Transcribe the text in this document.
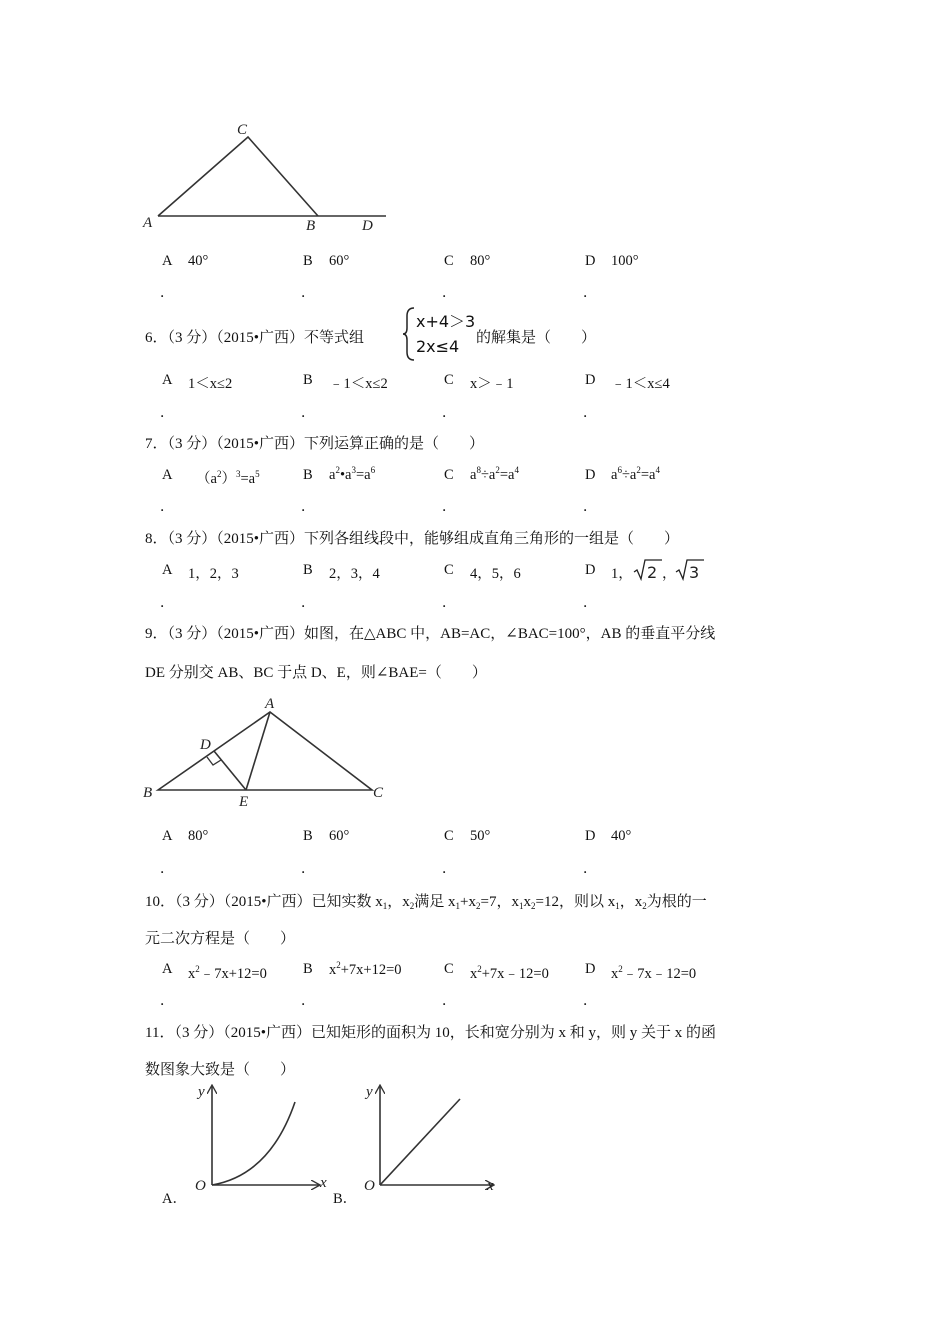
C
A	B	D
A 40°	B 60°	C 80°	D 100°
．	．	．	．
6．（3 分）（2015•广西）不等式组
x+4＞3
2x≤4 的解集是（　　）
A 1＜x≤2	B ﹣1＜x≤2	C x＞﹣1	D ﹣1＜x≤4
．	．	．	．
7．（3 分）（2015•广西）下列运算正确的是（　　）
A $(a^2)^3=a^5$	B $a^2•a^3=a^6$	C $a^8\div a^2=a^4$	D $a^6\div a^2=a^4$
．	．	．	．
8．（3 分）（2015•广西）下列各组线段中，能够组成直角三角形的一组是（　　）
A 1，2，3	B 2，3，4	C 4，5，6	D 1， 2 ， 3
．	．	．	．
9．（3 分）（2015•广西）如图，在△ABC 中，AB=AC，∠BAC=100°，AB 的垂直平分线
DE 分别交 AB、BC 于点 D、E，则∠BAE=（　　）
A
D
B
E
C
A 80°	B 60°	C 50°	D 40°
．	．	．	．
10．（3 分）（2015•广西）已知实数 $x_1$，$x_2$满足 $x_1+x_2=7$，$x_1x_2=12$，则以 $x_1$，$x_2$为根的一
元二次方程是（　　）
A $x^2﹣7x+12=0$ B $x^2+7x+12=0$	C $x^2+7x﹣12=0$ D $x^2﹣7x﹣12=0$
．	．	．	．
11．（3 分）（2015•广西）已知矩形的面积为 10，长和宽分别为 x 和 y，则 y 关于 x 的函
数图象大致是（　　）
A．
y
x
O
B．
y
x
O
